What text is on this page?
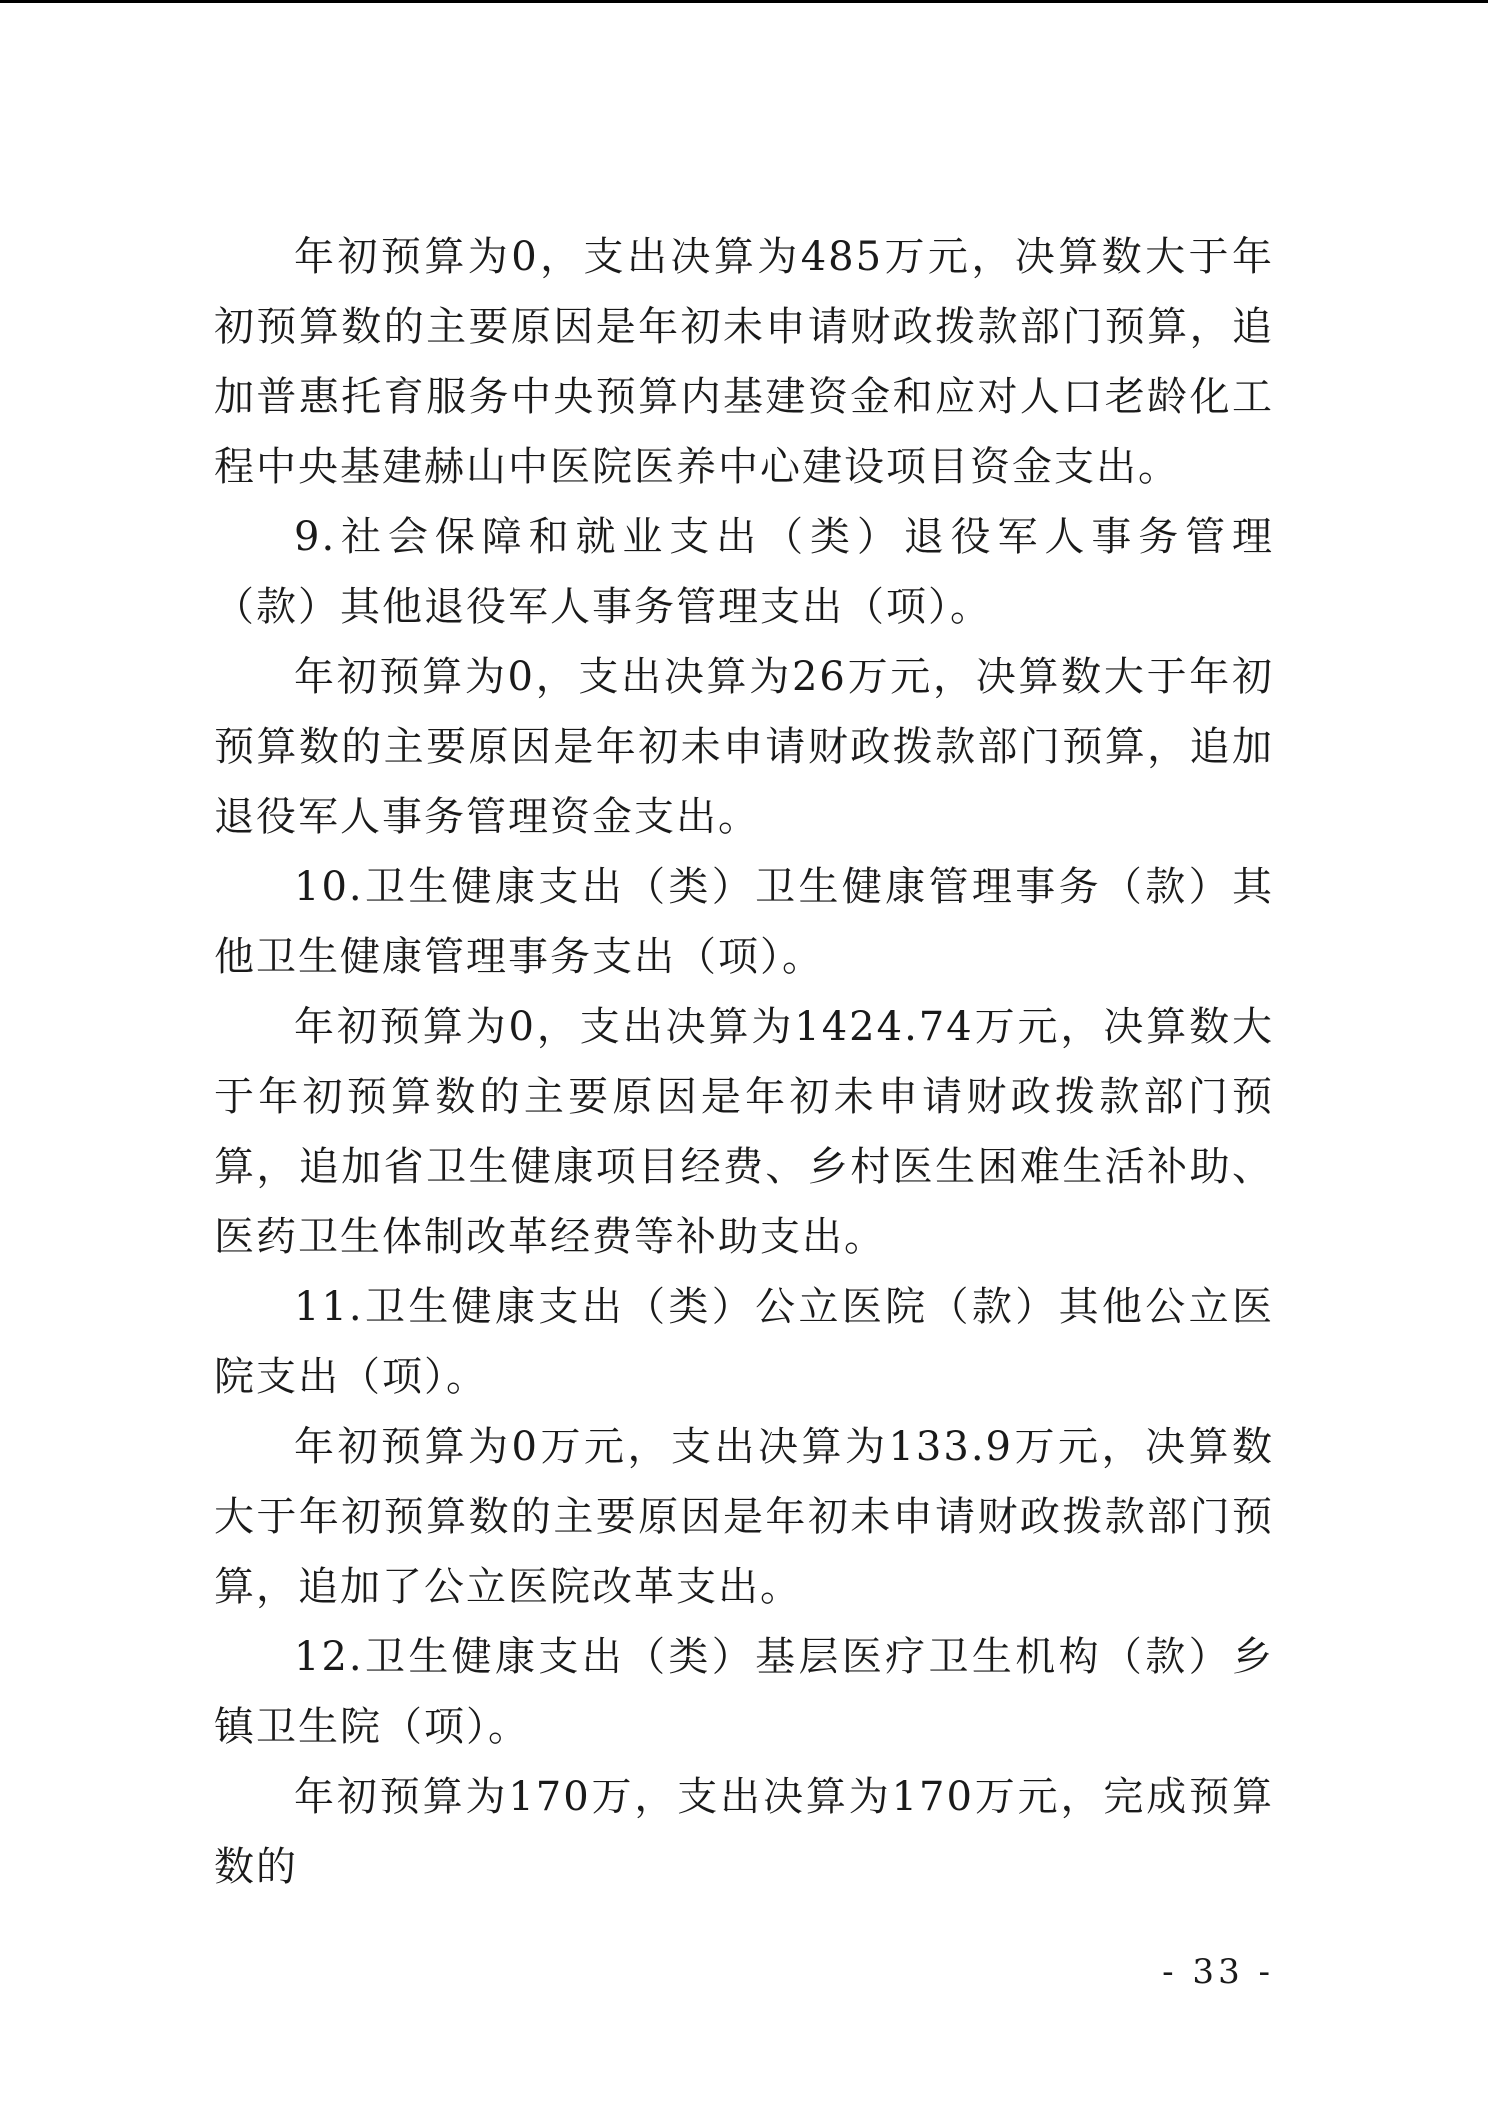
年初预算为0，支出决算为485万元，决算数大于年初预算数的主要原因是年初未申请财政拨款部门预算，追加普惠托育服务中央预算内基建资金和应对人口老龄化工程中央基建赫山中医院医养中心建设项目资金支出。

9.社会保障和就业支出（类）退役军人事务管理（款）其他退役军人事务管理支出（项）。

年初预算为0，支出决算为26万元，决算数大于年初预算数的主要原因是年初未申请财政拨款部门预算，追加退役军人事务管理资金支出。

10.卫生健康支出（类）卫生健康管理事务（款）其他卫生健康管理事务支出（项）。

年初预算为0，支出决算为1424.74万元，决算数大于年初预算数的主要原因是年初未申请财政拨款部门预算，追加省卫生健康项目经费、乡村医生困难生活补助、医药卫生体制改革经费等补助支出。

11.卫生健康支出（类）公立医院（款）其他公立医院支出（项）。

年初预算为0万元，支出决算为133.9万元，决算数大于年初预算数的主要原因是年初未申请财政拨款部门预算，追加了公立医院改革支出。

12.卫生健康支出（类）基层医疗卫生机构（款）乡镇卫生院（项）。

年初预算为170万，支出决算为170万元，完成预算数的

- 33 -
